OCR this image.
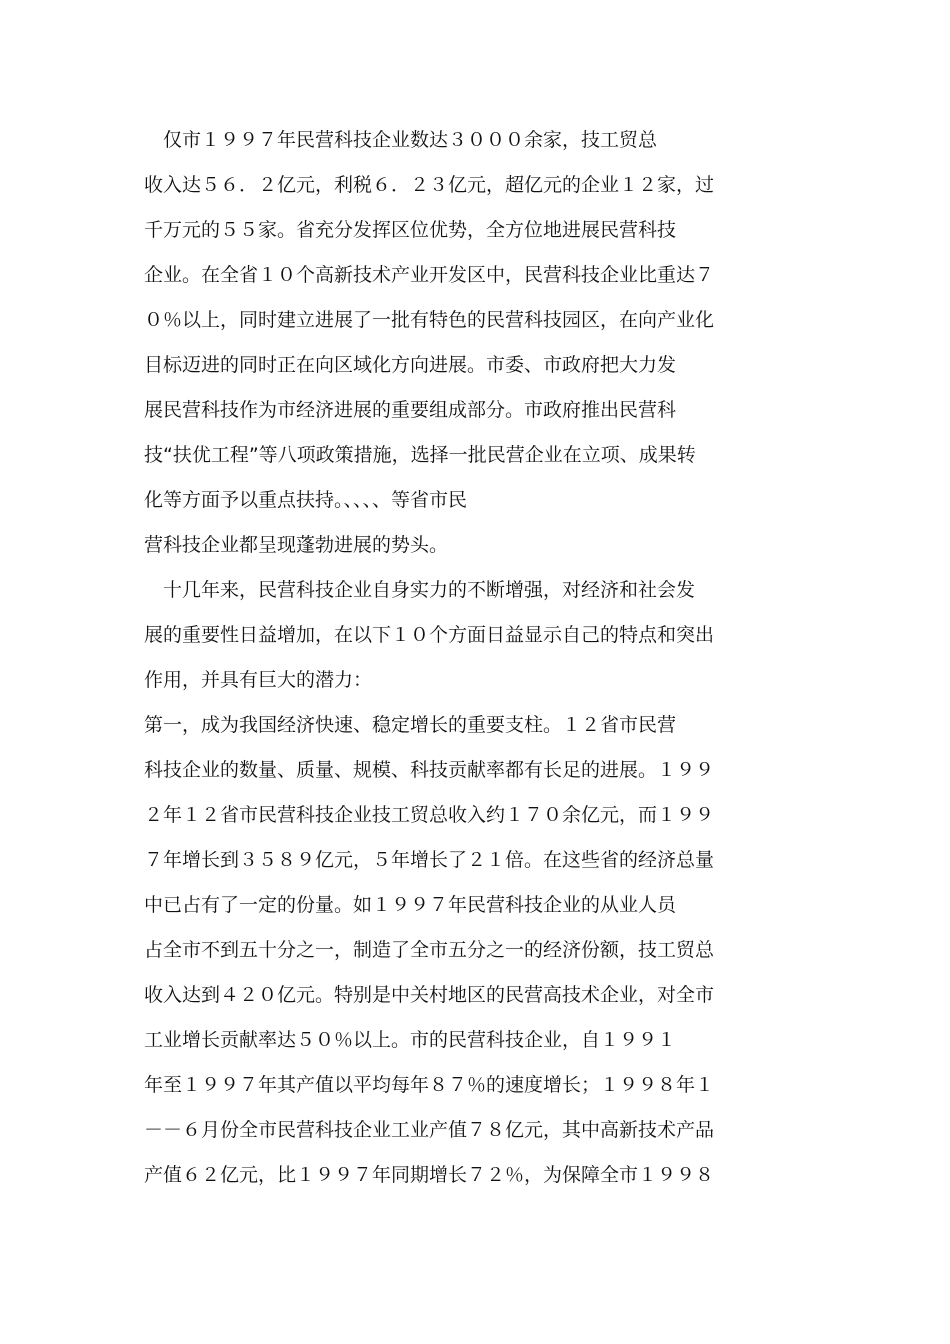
　仅市１９９７年民营科技企业数达３０００余家，技工贸总
收入达５６．２亿元，利税６．２３亿元，超亿元的企业１２家，过
千万元的５５家。省充分发挥区位优势，全方位地进展民营科技
企业。在全省１０个高新技术产业开发区中，民营科技企业比重达７
０％以上，同时建立进展了一批有特色的民营科技园区，在向产业化
目标迈进的同时正在向区域化方向进展。市委、市政府把大力发
展民营科技作为市经济进展的重要组成部分。市政府推出民营科
技“扶优工程”等八项政策措施，选择一批民营企业在立项、成果转
化等方面予以重点扶持。、、、、等省市民
营科技企业都呈现蓬勃进展的势头。
　十几年来，民营科技企业自身实力的不断增强，对经济和社会发
展的重要性日益增加，在以下１０个方面日益显示自己的特点和突出
作用，并具有巨大的潜力：
第一，成为我国经济快速、稳定增长的重要支柱。１２省市民营
科技企业的数量、质量、规模、科技贡献率都有长足的进展。１９９
２年１２省市民营科技企业技工贸总收入约１７０余亿元，而１９９
７年增长到３５８９亿元，５年增长了２１倍。在这些省的经济总量
中已占有了一定的份量。如１９９７年民营科技企业的从业人员
占全市不到五十分之一，制造了全市五分之一的经济份额，技工贸总
收入达到４２０亿元。特别是中关村地区的民营高技术企业，对全市
工业增长贡献率达５０％以上。市的民营科技企业，自１９９１
年至１９９７年其产值以平均每年８７％的速度增长；１９９８年１
－－６月份全市民营科技企业工业产值７８亿元，其中高新技术产品
产值６２亿元，比１９９７年同期增长７２％，为保障全市１９９８
